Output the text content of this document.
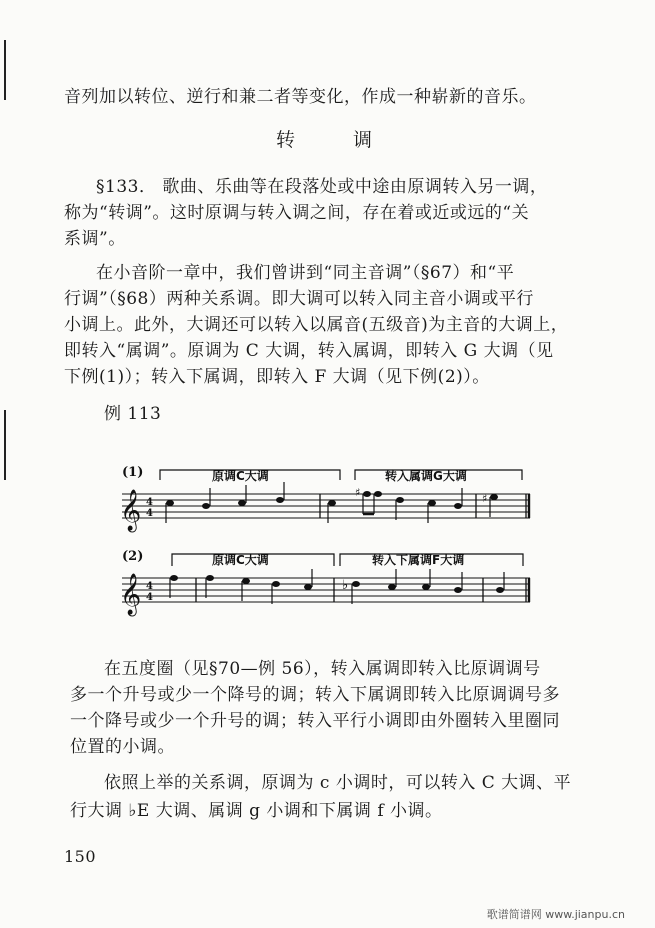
音列加以转位、逆行和兼二者等变化，作成一种崭新的音乐。
转调
§133． 歌曲、乐曲等在段落处或中途由原调转入另一调，
称为“转调”。这时原调与转入调之间，存在着或近或远的“关
系调”。
在小音阶一章中，我们曾讲到“同主音调”（§67）和“平
行调”（§68）两种关系调。即大调可以转入同主音小调或平行
小调上。此外，大调还可以转入以属音(五级音)为主音的大调上，
即转入“属调”。原调为 C 大调，转入属调，即转入 G 大调（见
下例(1)）；转入下属调，即转入 F 大调（见下例(2)）。
例 113
(1)	原调C大调	转入属调G大调
𝄞 4
4
♯	♯
(2)	原调C大调	转入下属调F大调
𝄞 4
4
♭
在五度圈（见§70—例 56），转入属调即转入比原调调号
多一个升号或少一个降号的调；转入下属调即转入比原调调号多
一个降号或少一个升号的调；转入平行小调即由外圈转入里圈同
位置的小调。
依照上举的关系调，原调为 c 小调时，可以转入 C 大调、平
行大调 ♭E 大调、属调 g 小调和下属调 f 小调。
150
歌谱简谱网 www.jianpu.cn
